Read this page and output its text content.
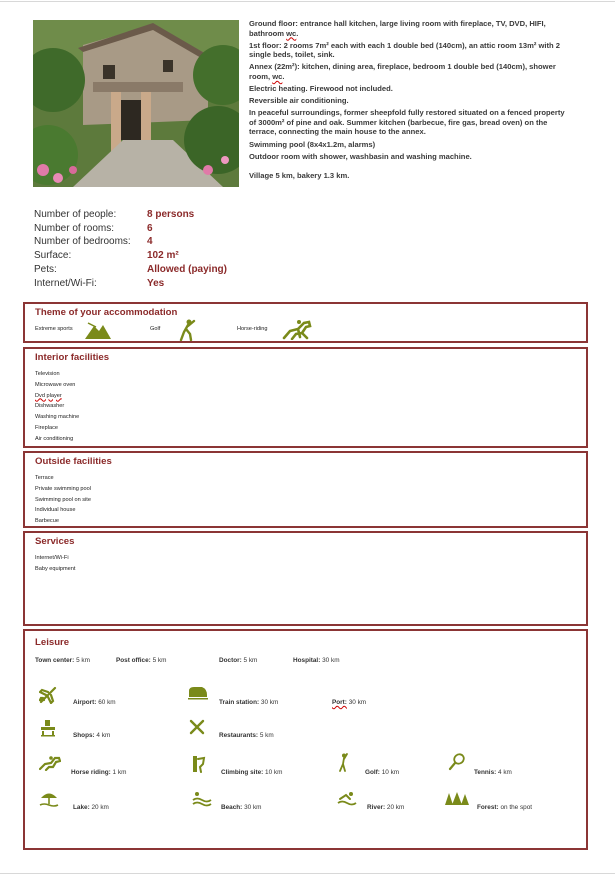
Ground floor: entrance hall kitchen, large living room with fireplace, TV, DVD, HIFI, bathroom wc.

1st floor: 2 rooms 7m² each with each 1 double bed (140cm), an attic room 13m² with 2 single beds, toilet, sink.

Annex (22m²): kitchen, dining area, fireplace, bedroom 1 double bed (140cm), shower room, wc.

Electric heating. Firewood not included.

Reversible air conditioning.

In peaceful surroundings, former sheepfold fully restored situated on a fenced property of 3000m² of pine and oak. Summer kitchen (barbecue, fire gas, bread oven) on the terrace, connecting the main house to the annex.

Swimming pool (8x4x1.2m, alarms)

Outdoor room with shower, washbasin and washing machine.

Village 5 km, bakery 1.3 km.

Number of people:	8 persons
Number of rooms:	6
Number of bedrooms:	4
Surface:	102 m²
Pets:	Allowed (paying)
Internet/Wi-Fi:	Yes
Theme of your accommodation
Extreme sports	Golf	Horse-riding
Interior facilities
Television
Microwave oven
Dvd player
Dishwasher
Washing machine
Fireplace
Air conditioning
Outside facilities
Terrace
Private swimming pool
Swimming pool on site
Individual house
Barbecue
Services
Internet/Wi-Fi
Baby equipment
Leisure
Town center: 5 km	Post office: 5 km	Doctor: 5 km	Hospital: 30 km
Airport: 60 km	Train station: 30 km	Port: 30 km
Shops: 4 km	Restaurants: 5 km
Horse riding: 1 km	Climbing site: 10 km	Golf: 10 km	Tennis: 4 km
Lake: 20 km	Beach: 30 km	River: 20 km	Forest: on the spot
